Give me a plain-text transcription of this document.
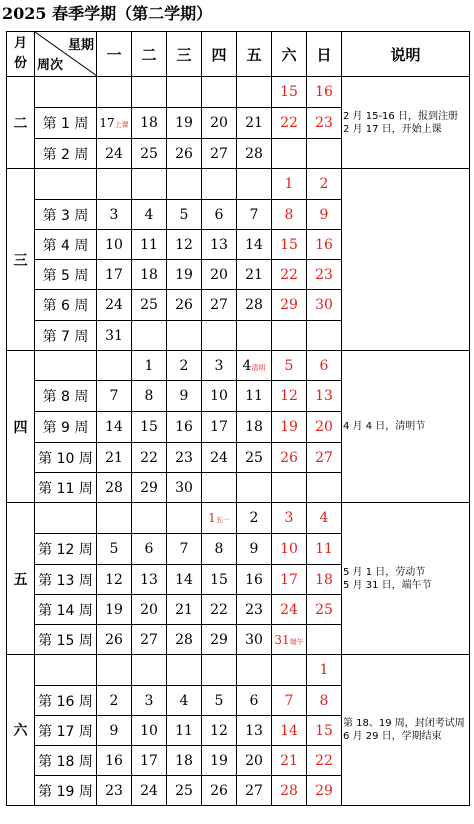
2025 春季学期（第二学期）
月份	星期
周次	一	二	三	四	五	六	日	说明
二							15	16	2 月 15-16 日，报到注册
2 月 17 日，开始上课

	第 1 周	17上课	18	19	20	21	22	23	
	第 2 周	24	25	26	27	28			
三							1	2	
	第 3 周	3	4	5	6	7	8	9	
	第 4 周	10	11	12	13	14	15	16	
	第 5 周	17	18	19	20	21	22	23	
	第 6 周	24	25	26	27	28	29	30	
	第 7 周	31							
四			1	2	3	4清明	5	6	4 月 4 日，清明节

	第 8 周	7	8	9	10	11	12	13	
	第 9 周	14	15	16	17	18	19	20	
	第 10 周	21	22	23	24	25	26	27	
	第 11 周	28	29	30					
五					1五一	2	3	4	5 月 1 日，劳动节
5 月 31 日，端午节

	第 12 周	5	6	7	8	9	10	11	
	第 13 周	12	13	14	15	16	17	18	
	第 14 周	19	20	21	22	23	24	25	
	第 15 周	26	27	28	29	30	31端午		
六								1	第 18、19 周，封闭考试周
6 月 29 日，学期结束

	第 16 周	2	3	4	5	6	7	8	
	第 17 周	9	10	11	12	13	14	15	
	第 18 周	16	17	18	19	20	21	22	
	第 19 周	23	24	25	26	27	28	29	
